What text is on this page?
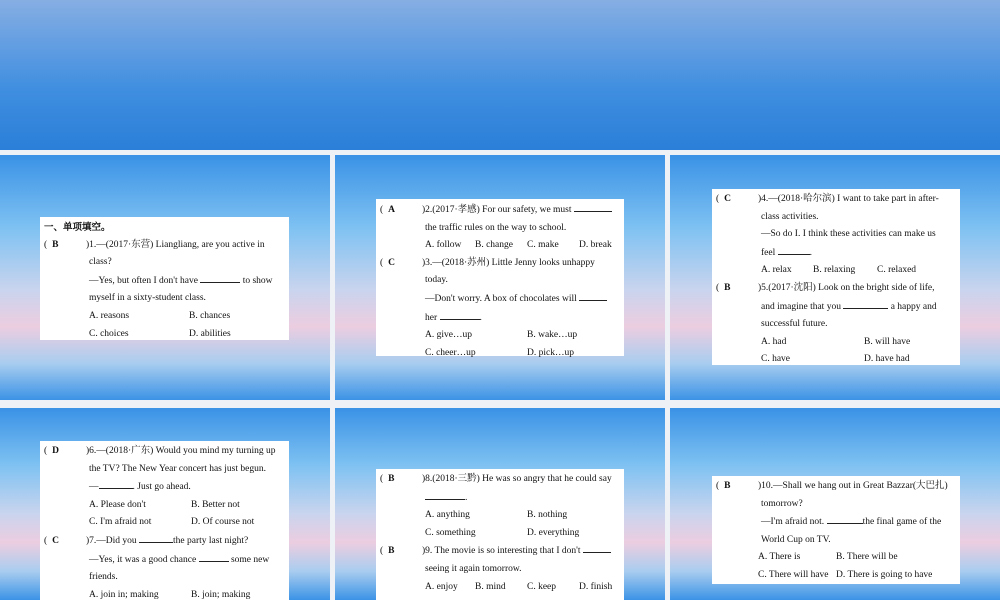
一、单项填空。
( B	)1.—(2017·东营) Liangliang, are you active in
class?
—Yes, but often I don't have	to show
myself in a sixty-student class.
A. reasons	B. chances
C. choices	D. abilities
( A	)2.(2017·孝感) For our safety, we must
the traffic rules on the way to school.
A. follow B. change C. make D. break
( C	)3.—(2018·苏州) Little Jenny looks unhappy
today.
—Don't worry. A box of chocolates will
her	.
A. give…up	B. wake…up
C. cheer…up	D. pick…up
( C	)4.—(2018·哈尔滨) I want to take part in after-
class activities.
—So do I. I think these activities can make us
feel	.
A. relax B. relaxing C. relaxed
( B	)5.(2017·沈阳) Look on the bright side of life,
and imagine that you	a happy and
successful future.
A. had	B. will have
C. have	D. have had
( D	)6.—(2018·广东) Would you mind my turning up
the TV? The New Year concert has just begun.
—	. Just go ahead.
A. Please don't	B. Better not
C. I'm afraid not	D. Of course not
( C	)7.—Did you	the party last night?
—Yes, it was a good chance	some new
friends.
A. join in; making	B. join; making
( B	)8.(2018·三黔) He was so angry that he could say
.
A. anything	B. nothing
C. something	D. everything
( B	)9. The movie is so interesting that I don't
seeing it again tomorrow.
A. enjoy B. mind C. keep D. finish
( B	)10.—Shall we hang out in Great Bazzar(大巴扎)
tomorrow?
—I'm afraid not.	the final game of the
World Cup on TV.
A. There is	B. There will be
C. There will have D. There is going to have
